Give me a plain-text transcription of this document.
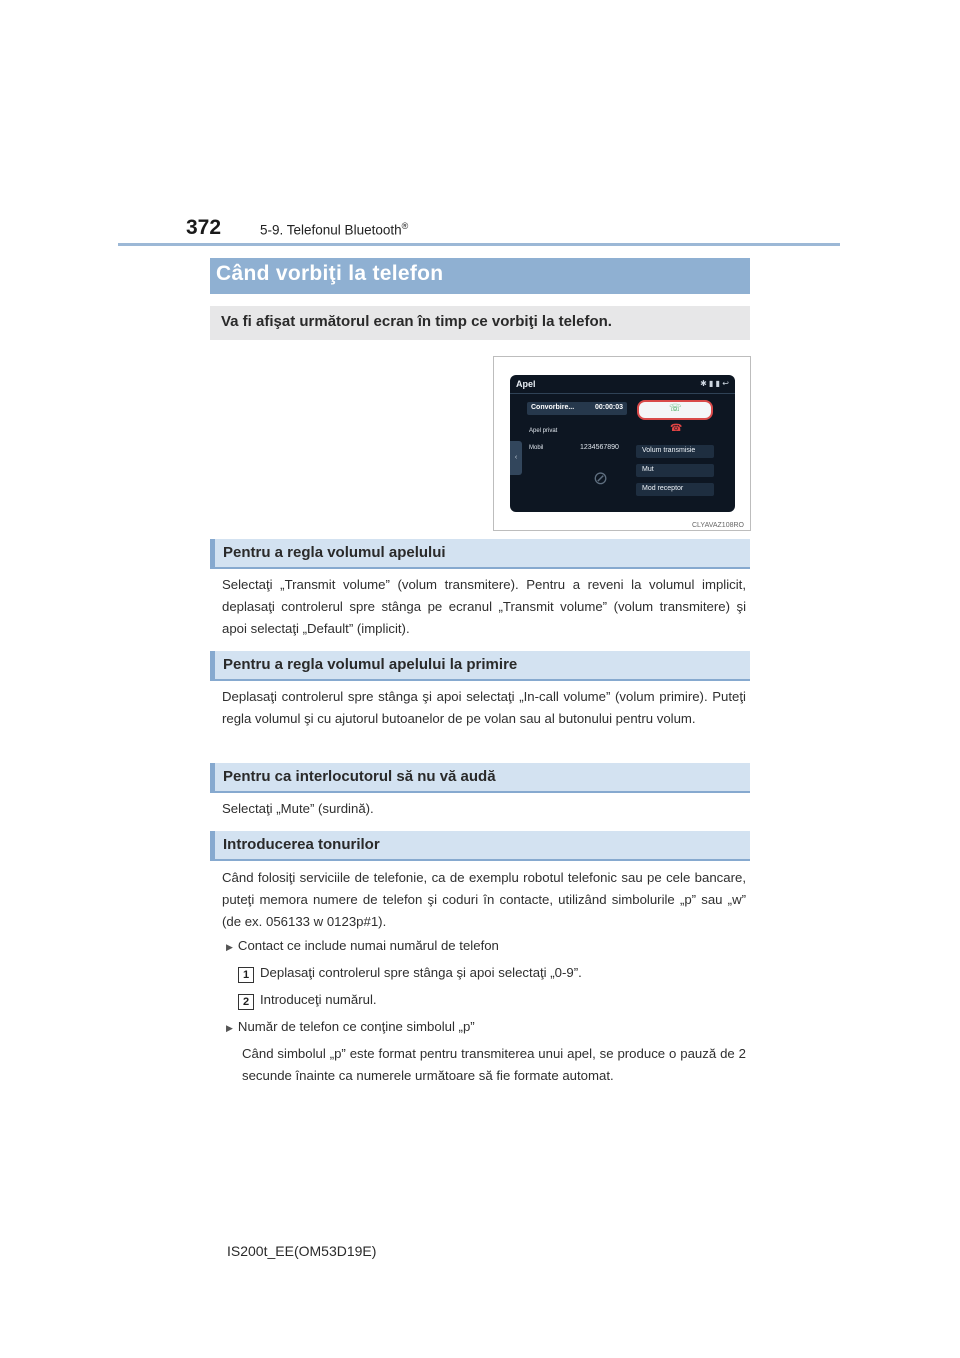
372	5-9. Telefonul Bluetooth®
Când vorbiţi la telefon
Va fi afişat următorul ecran în timp ce vorbiţi la telefon.
Apel	✱ ▮ ▮ ↩
Convorbire...	00:00:03	☏
☎
Apel privat
Mobil	1234567890	Volum transmisie
Mut
Mod receptor
‹
⊘
CLYAVAZ108RO
Pentru a regla volumul apelului
Selectaţi „Transmit volume” (volum transmitere). Pentru a reveni la volumul implicit, deplasaţi controlerul spre stânga pe ecranul „Transmit volume” (volum transmitere) şi apoi selectaţi „Default” (implicit).
Pentru a regla volumul apelului la primire
Deplasaţi controlerul spre stânga şi apoi selectaţi „In-call volume” (volum primire). Puteţi regla volumul şi cu ajutorul butoanelor de pe volan sau al butonului pentru volum.
Pentru ca interlocutorul să nu vă audă
Selectaţi „Mute” (surdină).
Introducerea tonurilor
Când folosiţi serviciile de telefonie, ca de exemplu robotul telefonic sau pe cele bancare, puteţi memora numere de telefon şi coduri în contacte, utilizând simbolurile „p” sau „w” (de ex. 056133 w 0123p#1).
▶ Contact ce include numai numărul de telefon
1 Deplasaţi controlerul spre stânga şi apoi selectaţi „0-9”.
2 Introduceţi numărul.
▶ Număr de telefon ce conţine simbolul „p”
Când simbolul „p” este format pentru transmiterea unui apel, se produce o pauză de 2 secunde înainte ca numerele următoare să fie formate automat.
IS200t_EE(OM53D19E)
